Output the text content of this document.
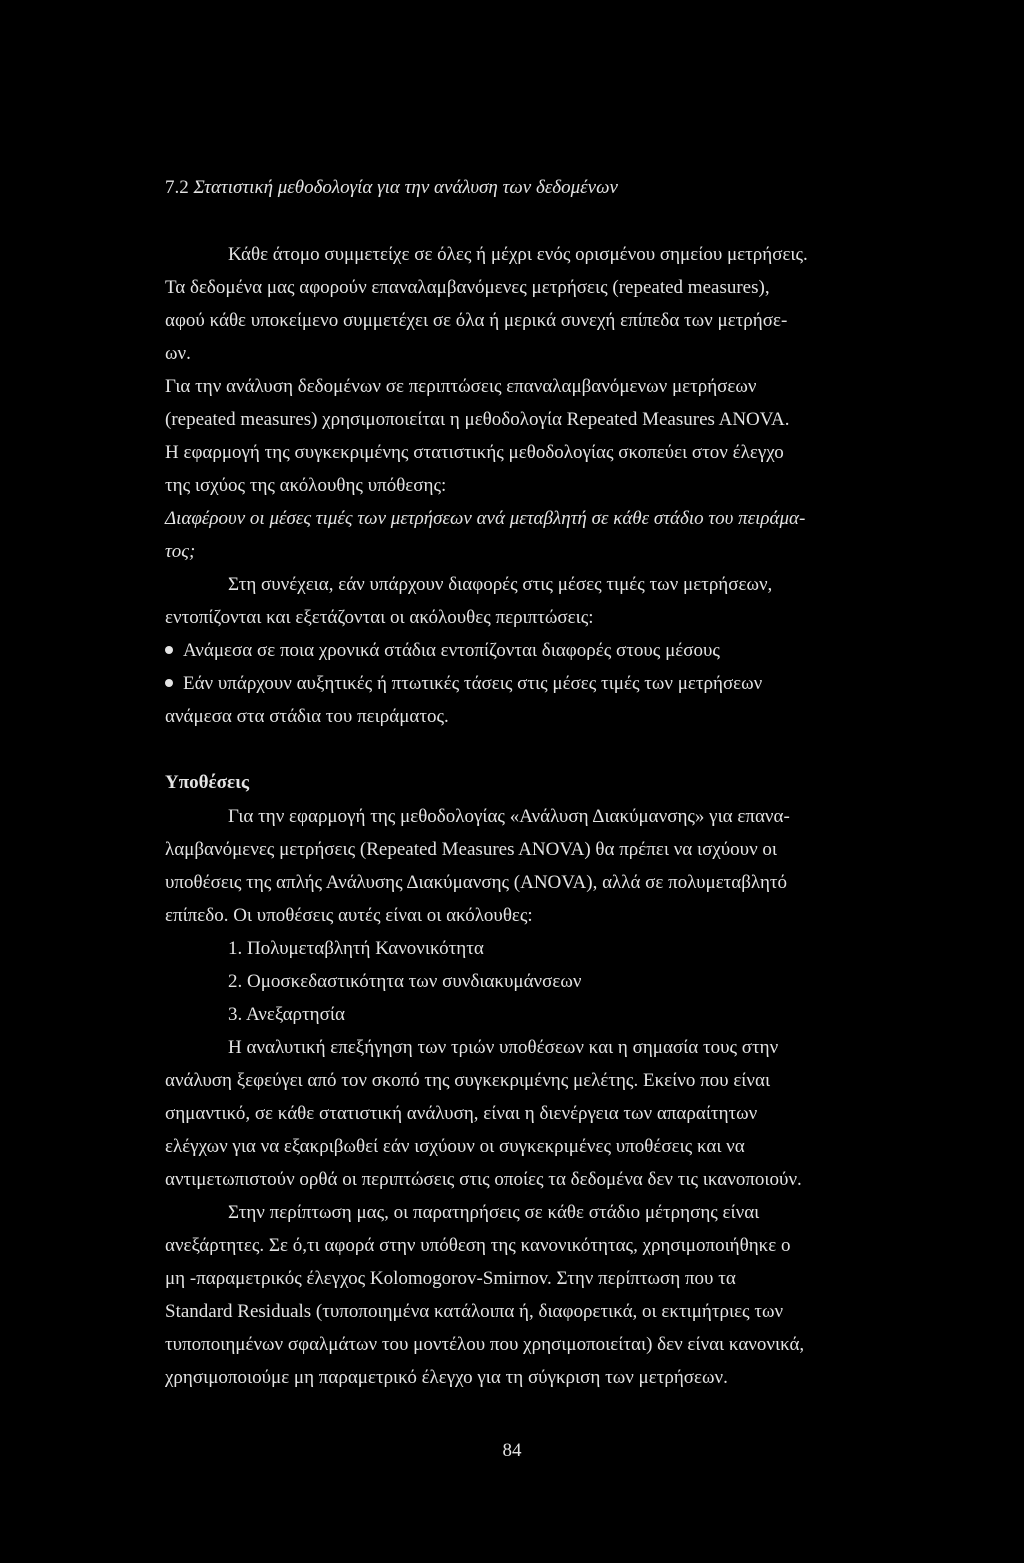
7.2 Στατιστική μεθοδολογία για την ανάλυση των δεδομένων
Κάθε άτομο συμμετείχε σε όλες ή μέχρι ενός ορισμένου σημείου μετρήσεις.
Τα δεδομένα μας αφορούν επαναλαμβανόμενες μετρήσεις (repeated measures),
αφού κάθε υποκείμενο συμμετέχει σε όλα ή μερικά συνεχή επίπεδα των μετρήσε-
ων.
Για την ανάλυση δεδομένων σε περιπτώσεις επαναλαμβανόμενων μετρήσεων
(repeated measures) χρησιμοποιείται η μεθοδολογία Repeated Measures ANOVA.
Η εφαρμογή της συγκεκριμένης στατιστικής μεθοδολογίας σκοπεύει στον έλεγχο
της ισχύος της ακόλουθης υπόθεσης:
Διαφέρουν οι μέσες τιμές των μετρήσεων ανά μεταβλητή σε κάθε στάδιο του πειράμα-
τος;
Στη συνέχεια, εάν υπάρχουν διαφορές στις μέσες τιμές των μετρήσεων,
εντοπίζονται και εξετάζονται οι ακόλουθες περιπτώσεις:
Ανάμεσα σε ποια χρονικά στάδια εντοπίζονται διαφορές στους μέσους
Εάν υπάρχουν αυξητικές ή πτωτικές τάσεις στις μέσες τιμές των μετρήσεων
ανάμεσα στα στάδια του πειράματος.
Υποθέσεις
Για την εφαρμογή της μεθοδολογίας «Ανάλυση Διακύμανσης» για επανα-
λαμβανόμενες μετρήσεις (Repeated Measures ANOVA) θα πρέπει να ισχύουν οι
υποθέσεις της απλής Ανάλυσης Διακύμανσης (ANOVA), αλλά σε πολυμεταβλητό
επίπεδο. Οι υποθέσεις αυτές είναι οι ακόλουθες:
1. Πολυμεταβλητή Κανονικότητα
2. Ομοσκεδαστικότητα των συνδιακυμάνσεων
3. Ανεξαρτησία
Η αναλυτική επεξήγηση των τριών υποθέσεων και η σημασία τους στην
ανάλυση ξεφεύγει από τον σκοπό της συγκεκριμένης μελέτης. Εκείνο που είναι
σημαντικό, σε κάθε στατιστική ανάλυση, είναι η διενέργεια των απαραίτητων
ελέγχων για να εξακριβωθεί εάν ισχύουν οι συγκεκριμένες υποθέσεις και να
αντιμετωπιστούν ορθά οι περιπτώσεις στις οποίες τα δεδομένα δεν τις ικανοποιούν.
Στην περίπτωση μας, οι παρατηρήσεις σε κάθε στάδιο μέτρησης είναι
ανεξάρτητες. Σε ό,τι αφορά στην υπόθεση της κανονικότητας, χρησιμοποιήθηκε ο
μη -παραμετρικός έλεγχος Kolomogorov-Smirnov. Στην περίπτωση που τα
Standard Residuals (τυποποιημένα κατάλοιπα ή, διαφορετικά, οι εκτιμήτριες των
τυποποιημένων σφαλμάτων του μοντέλου που χρησιμοποιείται) δεν είναι κανονικά,
χρησιμοποιούμε μη παραμετρικό έλεγχο για τη σύγκριση των μετρήσεων.
84
